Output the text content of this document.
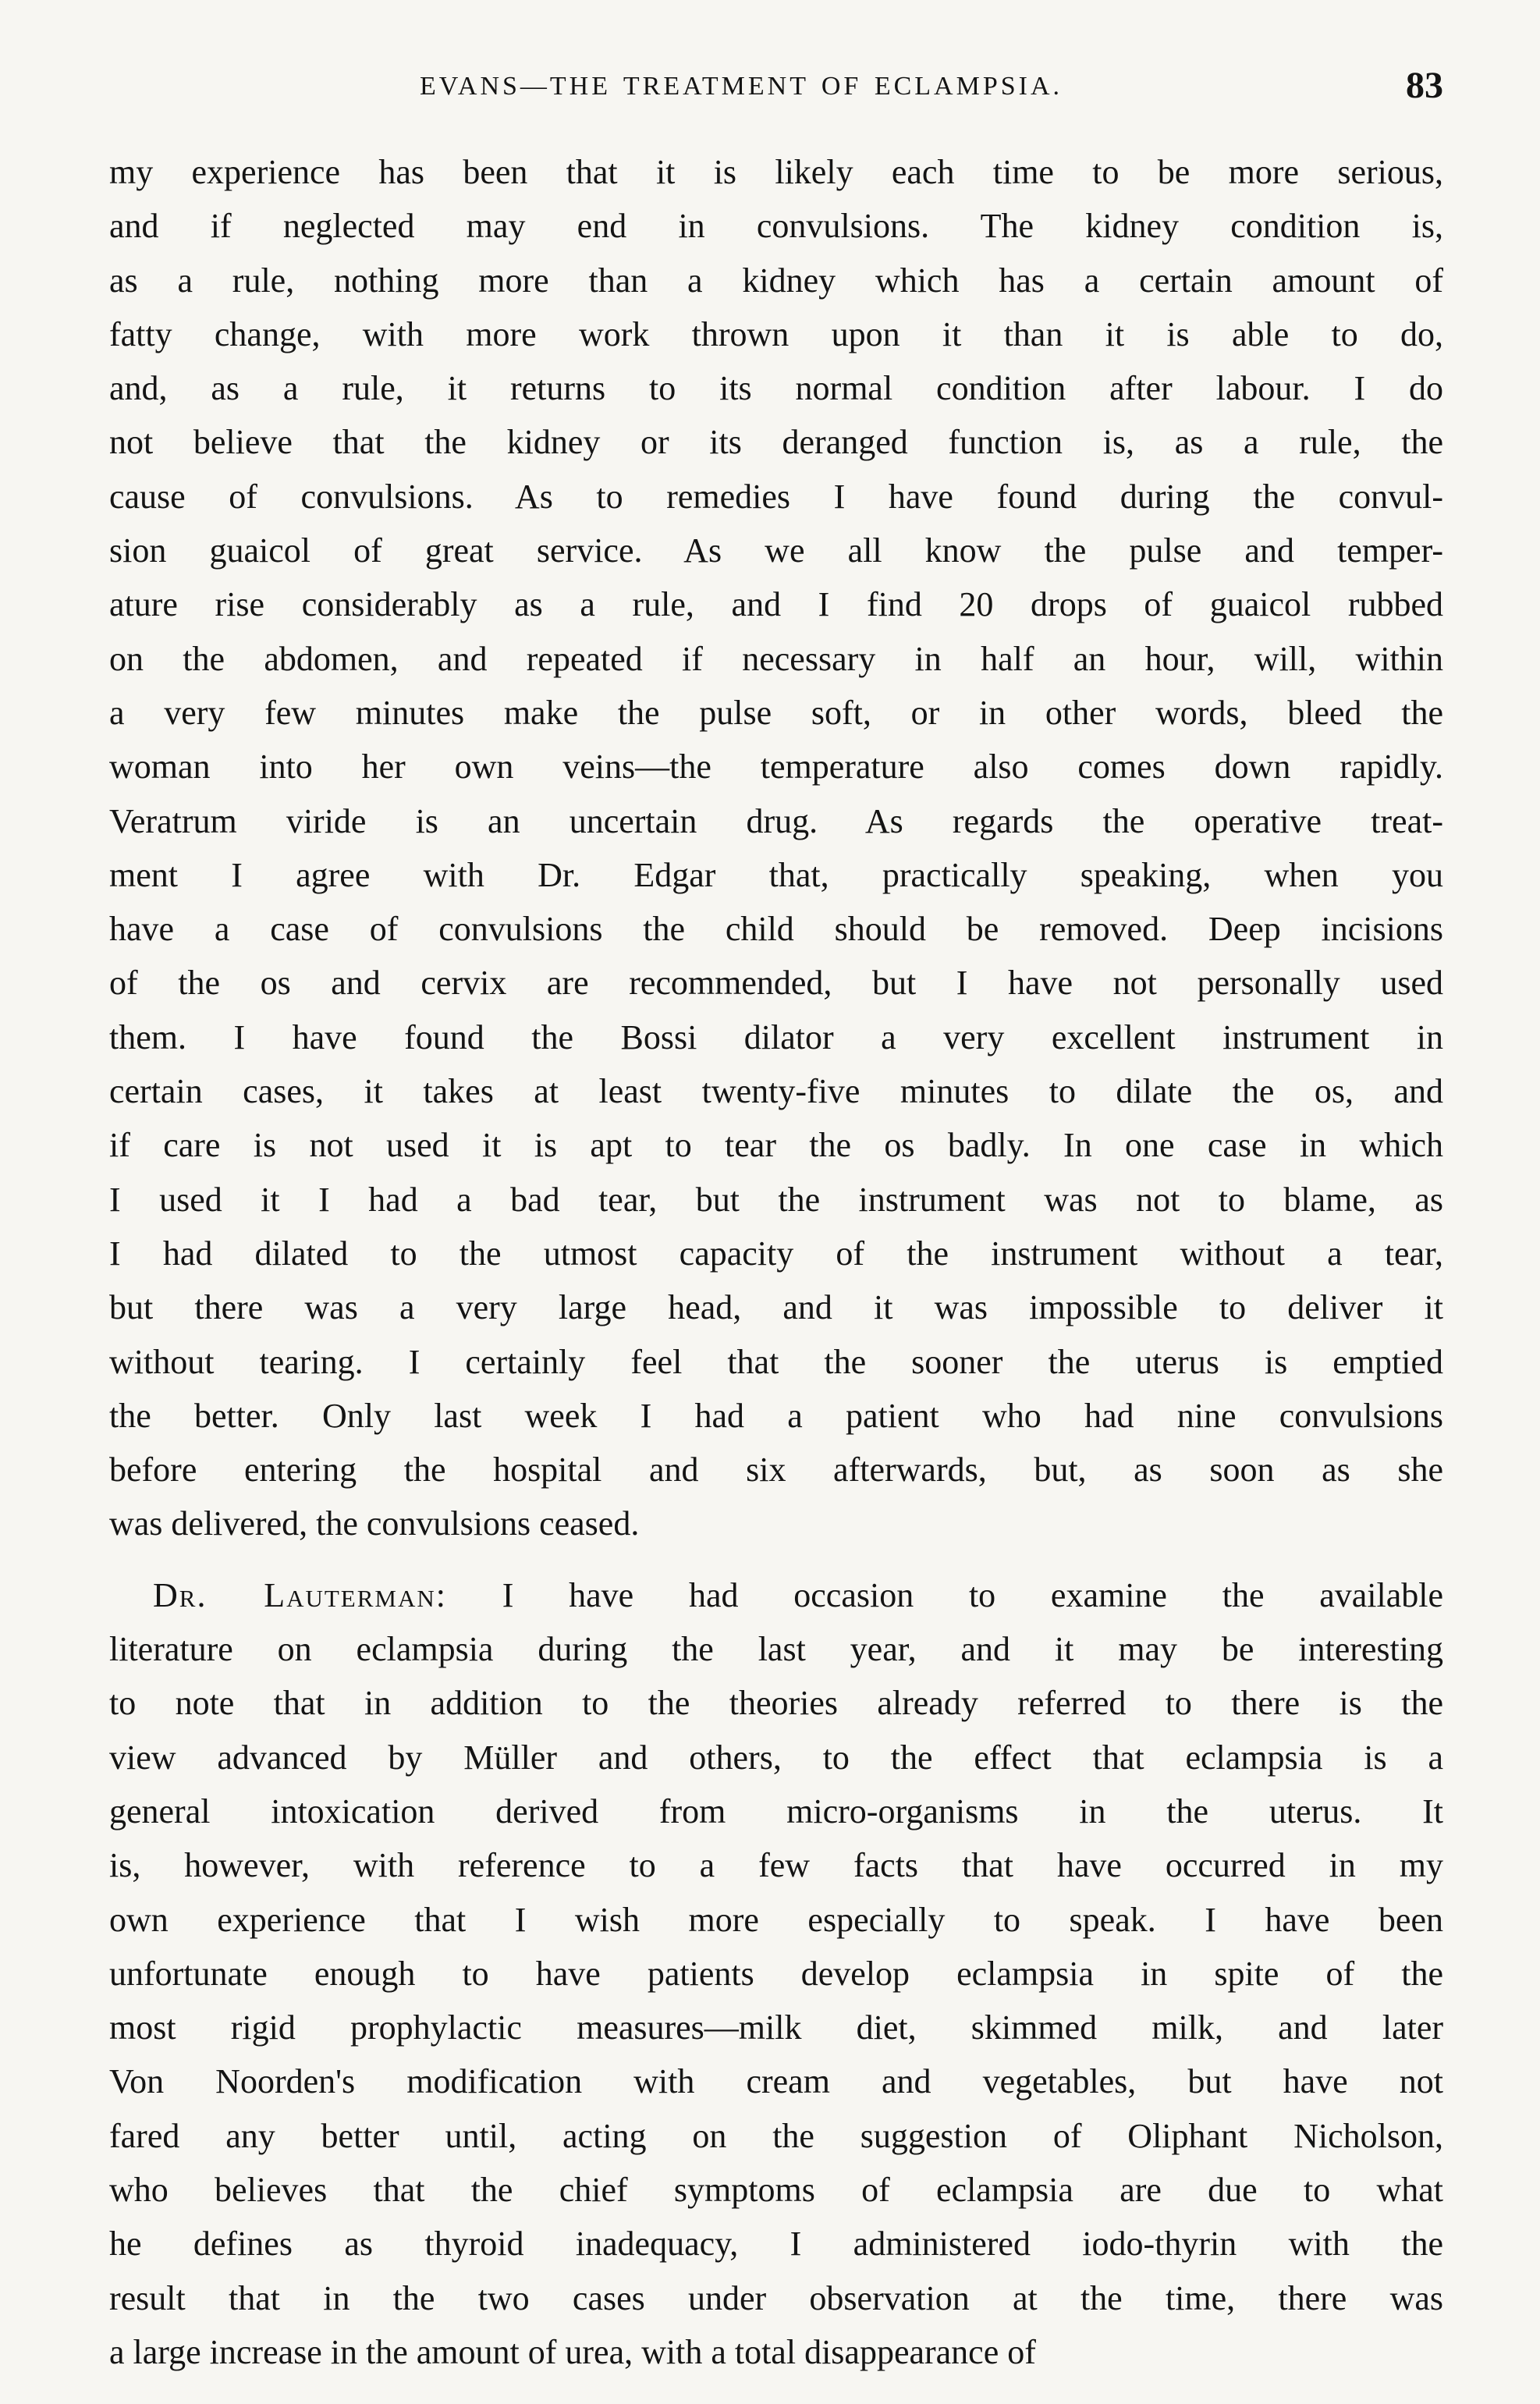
EVANS—THE TREATMENT OF ECLAMPSIA.	83
my experience has been that it is likely each time to be more serious,
and if neglected may end in convulsions. The kidney condition is,
as a rule, nothing more than a kidney which has a certain amount of
fatty change, with more work thrown upon it than it is able to do,
and, as a rule, it returns to its normal condition after labour. I do
not believe that the kidney or its deranged function is, as a rule, the
cause of convulsions. As to remedies I have found during the convul-
sion guaicol of great service. As we all know the pulse and temper-
ature rise considerably as a rule, and I find 20 drops of guaicol rubbed
on the abdomen, and repeated if necessary in half an hour, will, within
a very few minutes make the pulse soft, or in other words, bleed the
woman into her own veins—the temperature also comes down rapidly.
Veratrum viride is an uncertain drug. As regards the operative treat-
ment I agree with Dr. Edgar that, practically speaking, when you
have a case of convulsions the child should be removed. Deep incisions
of the os and cervix are recommended, but I have not personally used
them. I have found the Bossi dilator a very excellent instrument in
certain cases, it takes at least twenty-five minutes to dilate the os, and
if care is not used it is apt to tear the os badly. In one case in which
I used it I had a bad tear, but the instrument was not to blame, as
I had dilated to the utmost capacity of the instrument without a tear,
but there was a very large head, and it was impossible to deliver it
without tearing. I certainly feel that the sooner the uterus is emptied
the better. Only last week I had a patient who had nine convulsions
before entering the hospital and six afterwards, but, as soon as she
was delivered, the convulsions ceased.
Dr. Lauterman: I have had occasion to examine the available
literature on eclampsia during the last year, and it may be interesting
to note that in addition to the theories already referred to there is the
view advanced by Müller and others, to the effect that eclampsia is a
general intoxication derived from micro-organisms in the uterus. It
is, however, with reference to a few facts that have occurred in my
own experience that I wish more especially to speak. I have been
unfortunate enough to have patients develop eclampsia in spite of the
most rigid prophylactic measures—milk diet, skimmed milk, and later
Von Noorden's modification with cream and vegetables, but have not
fared any better until, acting on the suggestion of Oliphant Nicholson,
who believes that the chief symptoms of eclampsia are due to what
he defines as thyroid inadequacy, I administered iodo-thyrin with the
result that in the two cases under observation at the time, there was
a large increase in the amount of urea, with a total disappearance of
